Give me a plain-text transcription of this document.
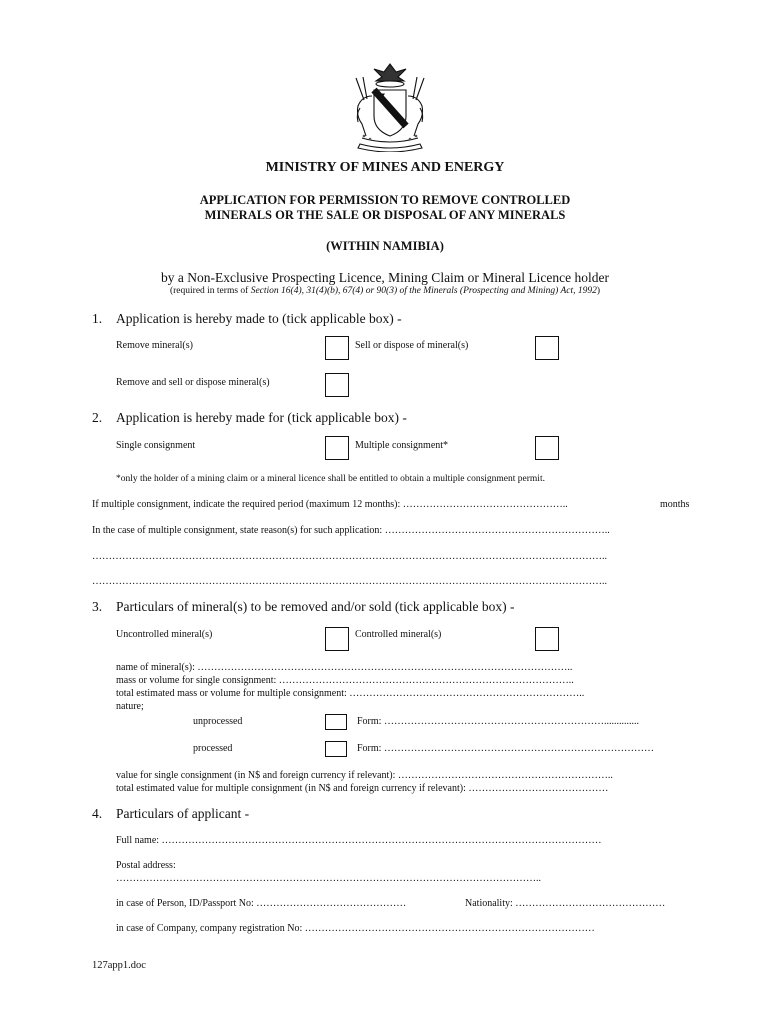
MINISTRY OF MINES AND ENERGY
APPLICATION FOR PERMISSION TO REMOVE CONTROLLED
MINERALS OR THE SALE OR DISPOSAL OF ANY MINERALS
(WITHIN NAMIBIA)
by a Non-Exclusive Prospecting Licence, Mining Claim or Mineral Licence holder
(required in terms of Section 16(4), 31(4)(b), 67(4) or 90(3) of the Minerals (Prospecting and Mining) Act, 1992)
1. Application is hereby made to (tick applicable box) -
Remove mineral(s)	Sell or dispose of mineral(s)
Remove and sell or dispose mineral(s)
2. Application is hereby made for (tick applicable box) -
Single consignment	Multiple consignment*
*only the holder of a mining claim or a mineral licence shall be entitled to obtain a multiple consignment permit.
If multiple consignment, indicate the required period (maximum 12 months): …………………………………………..	months
In the case of multiple consignment, state reason(s) for such application: …………………………………………………………..
………………………………………………………………………………………………………………………………………..
………………………………………………………………………………………………………………………………………..
3. Particulars of mineral(s) to be removed and/or sold (tick applicable box) -
Uncontrolled mineral(s)	Controlled mineral(s)
name of mineral(s): …………………………………………………………………………………………………..
mass or volume for single consignment: ……………………………………………………………………………..
total estimated mass or volume for multiple consignment: ……………………………………………………………..
nature;
unprocessed	Form: …………………………………………………………..............
processed	Form: ………………………………………………………………………
value for single consignment (in N$ and foreign currency if relevant): ………………………………………………………..
total estimated value for multiple consignment (in N$ and foreign currency if relevant): ……………………………………
4. Particulars of applicant -
Full name: ……………………………………………………………………………………………………………………
Postal address:
………………………………………………………………………………………………………………..
in case of Person, ID/Passport No: ………………………………………	Nationality: ………………………………………
in case of Company, company registration No: ……………………………………………………………………………
127app1.doc
